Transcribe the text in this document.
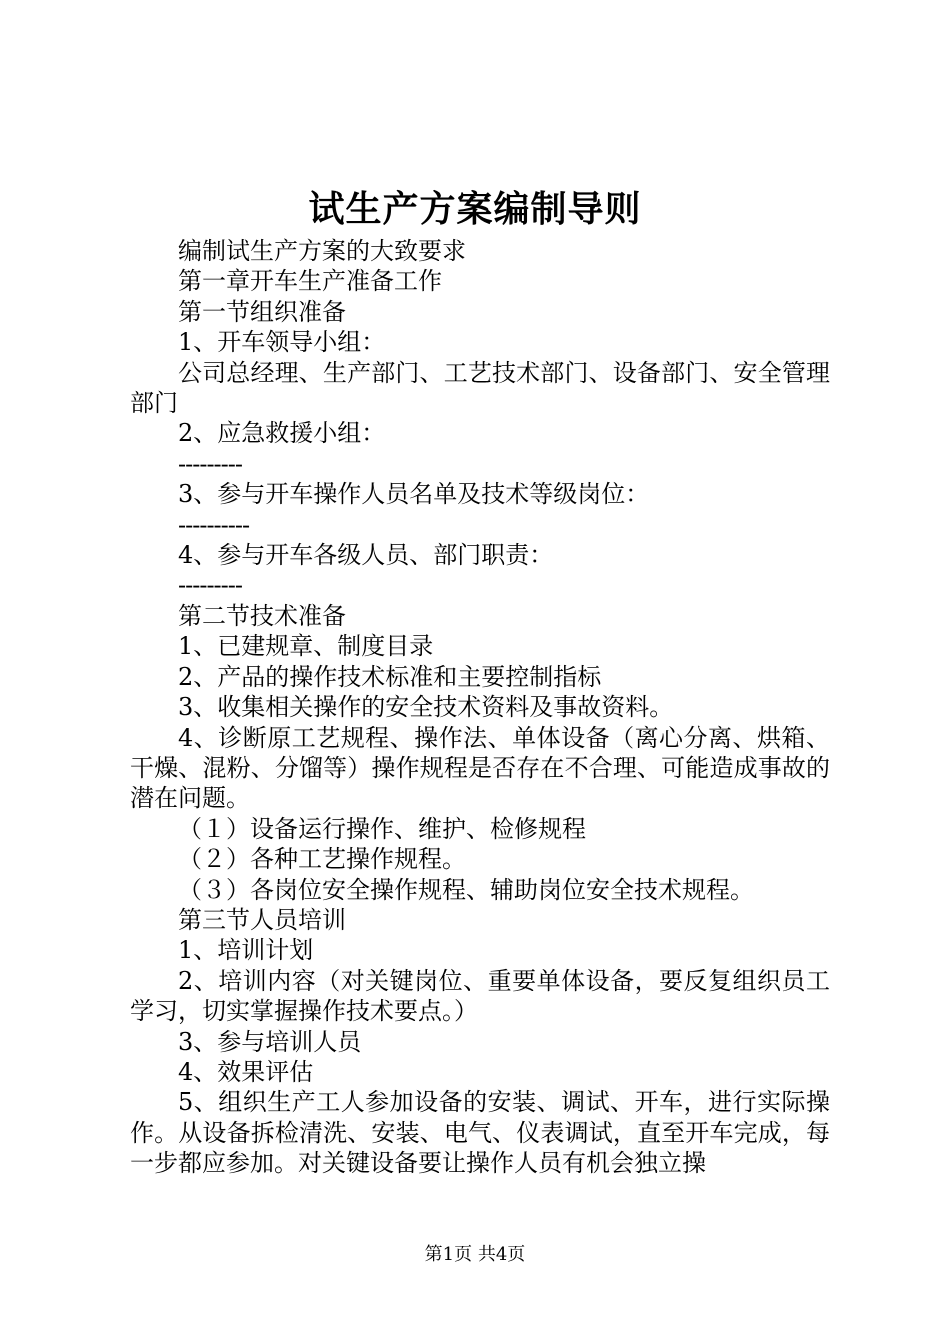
试生产方案编制导则
编制试生产方案的大致要求
第一章开车生产准备工作
第一节组织准备
1、开车领导小组：
公司总经理、生产部门、工艺技术部门、设备部门、安全管理部门
2、应急救援小组：
---------
3、参与开车操作人员名单及技术等级岗位：
----------
4、参与开车各级人员、部门职责：
---------
第二节技术准备
1、已建规章、制度目录
2、产品的操作技术标准和主要控制指标
3、收集相关操作的安全技术资料及事故资料。
4、诊断原工艺规程、操作法、单体设备（离心分离、烘箱、干燥、混粉、分馏等）操作规程是否存在不合理、可能造成事故的潜在问题。
（１）设备运行操作、维护、检修规程
（２）各种工艺操作规程。
（３）各岗位安全操作规程、辅助岗位安全技术规程。
第三节人员培训
1、培训计划
2、培训内容（对关键岗位、重要单体设备，要反复组织员工学习，切实掌握操作技术要点。）
3、参与培训人员
4、效果评估
5、组织生产工人参加设备的安装、调试、开车，进行实际操作。从设备拆检清洗、安装、电气、仪表调试，直至开车完成，每一步都应参加。对关键设备要让操作人员有机会独立操
第1页 共4页
